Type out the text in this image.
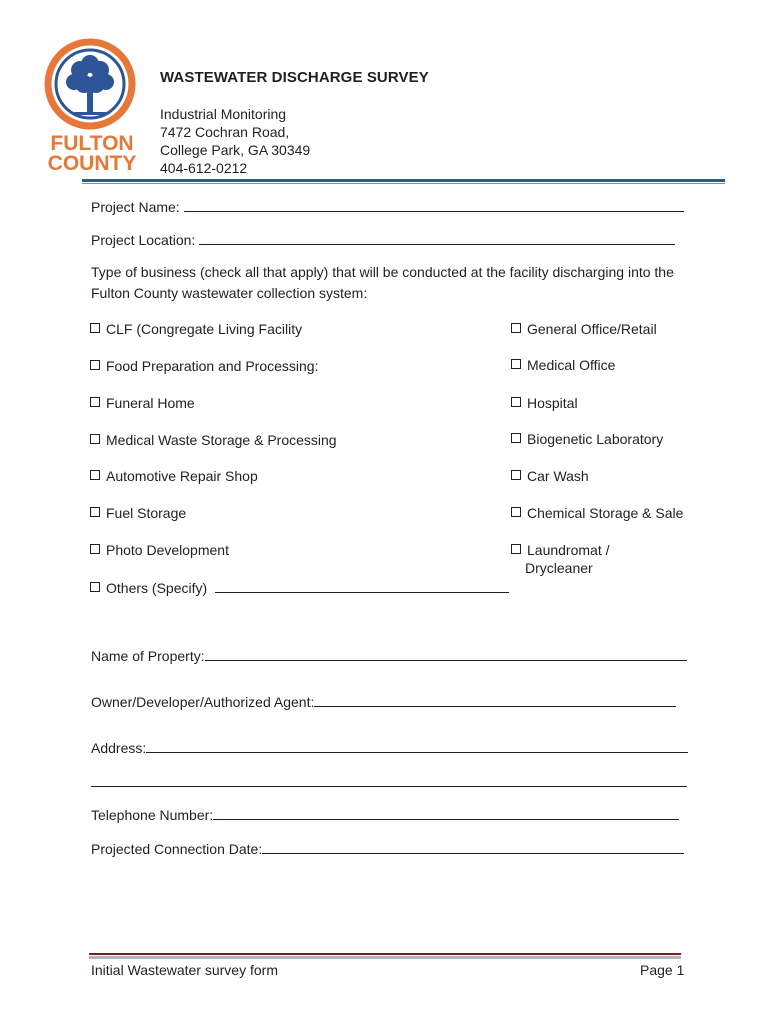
FULTON
COUNTY
WASTEWATER DISCHARGE SURVEY
Industrial Monitoring
7472 Cochran Road,
College Park, GA 30349
404-612-0212
Project Name:
Project Location:
Type of business (check all that apply) that will be conducted at the facility discharging into the Fulton County wastewater collection system:
CLF (Congregate Living Facility
Food Preparation and Processing:
Funeral Home
Medical Waste Storage & Processing
Automotive Repair Shop
Fuel Storage
Photo Development
Others (Specify)
General Office/Retail
Medical Office
Hospital
Biogenetic Laboratory
Car Wash
Chemical Storage & Sale
Laundromat /
Drycleaner
Name of Property:
Owner/Developer/Authorized Agent:
Address:
Telephone Number:
Projected Connection Date:
Initial Wastewater survey form	Page 1
